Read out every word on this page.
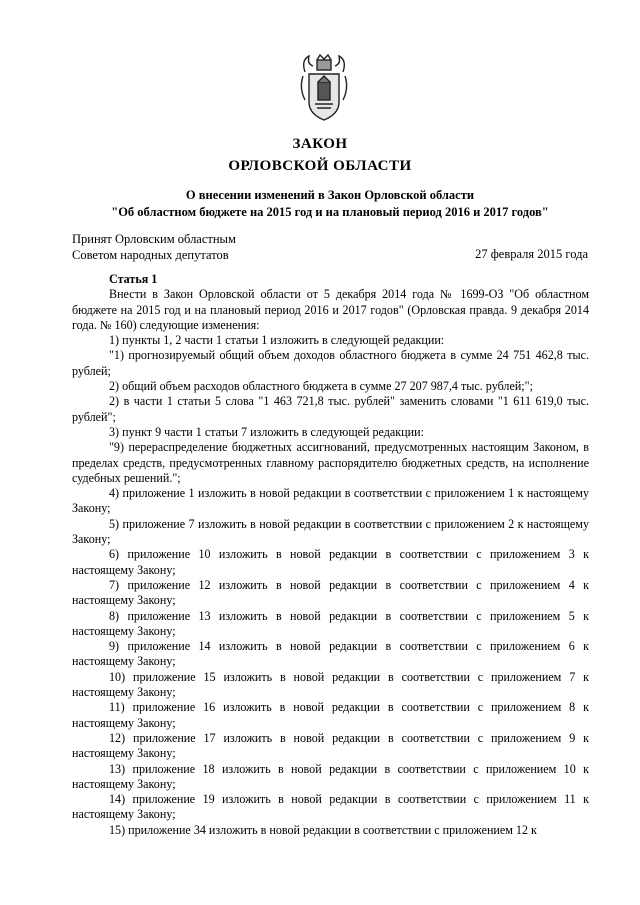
ЗАКОН
ОРЛОВСКОЙ ОБЛАСТИ
О внесении изменений в Закон Орловской области
"Об областном бюджете на 2015 год и на плановый период 2016 и 2017 годов"
Принят Орловским областным
Советом народных депутатов	27 февраля 2015 года

Статья 1

Внести в Закон Орловской области от 5 декабря 2014 года № 1699-ОЗ "Об областном бюджете на 2015 год и на плановый период 2016 и 2017 годов" (Орловская правда. 9 декабря 2014 года. № 160) следующие изменения:

1) пункты 1, 2 части 1 статьи 1 изложить в следующей редакции:

"1) прогнозируемый общий объем доходов областного бюджета в сумме 24 751 462,8 тыс. рублей;

2) общий объем расходов областного бюджета в сумме 27 207 987,4 тыс. рублей;";

2) в части 1 статьи 5 слова "1 463 721,8 тыс. рублей" заменить словами "1 611 619,0 тыс. рублей";

3) пункт 9 части 1 статьи 7 изложить в следующей редакции:

"9) перераспределение бюджетных ассигнований, предусмотренных настоящим Законом, в пределах средств, предусмотренных главному распорядителю бюджетных средств, на исполнение судебных решений.";

4) приложение 1 изложить в новой редакции в соответствии с приложением 1 к настоящему Закону;

5) приложение 7 изложить в новой редакции в соответствии с приложением 2 к настоящему Закону;

6) приложение 10 изложить в новой редакции в соответствии с приложением 3 к настоящему Закону;

7) приложение 12 изложить в новой редакции в соответствии с приложением 4 к настоящему Закону;

8) приложение 13 изложить в новой редакции в соответствии с приложением 5 к настоящему Закону;

9) приложение 14 изложить в новой редакции в соответствии с приложением 6 к настоящему Закону;

10) приложение 15 изложить в новой редакции в соответствии с приложением 7 к настоящему Закону;

11) приложение 16 изложить в новой редакции в соответствии с приложением 8 к настоящему Закону;

12) приложение 17 изложить в новой редакции в соответствии с приложением 9 к настоящему Закону;

13) приложение 18 изложить в новой редакции в соответствии с приложением 10 к настоящему Закону;

14) приложение 19 изложить в новой редакции в соответствии с приложением 11 к настоящему Закону;

15) приложение 34 изложить в новой редакции в соответствии с приложением 12 к
